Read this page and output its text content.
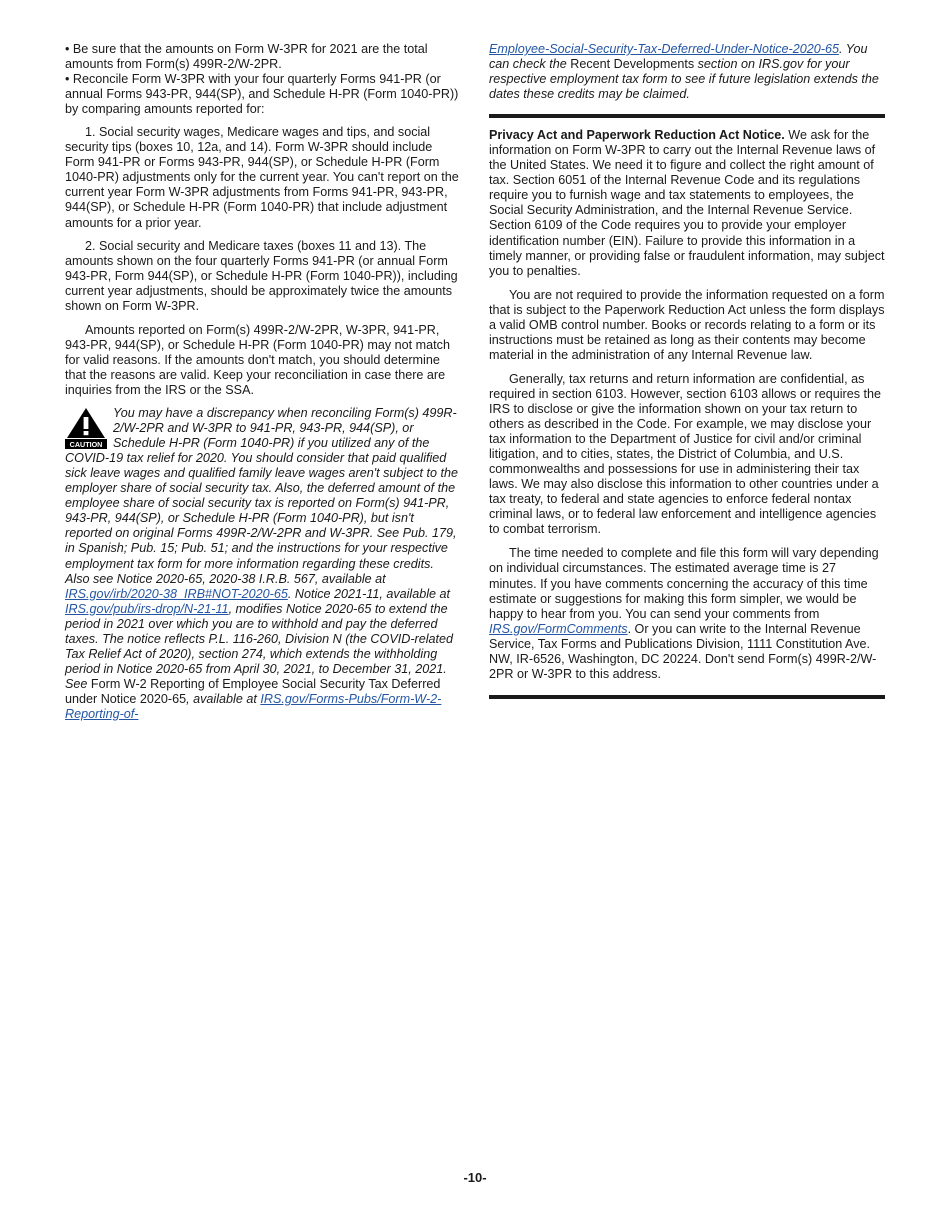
• Be sure that the amounts on Form W-3PR for 2021 are the total amounts from Form(s) 499R-2/W-2PR.

• Reconcile Form W-3PR with your four quarterly Forms 941-PR (or annual Forms 943-PR, 944(SP), and Schedule H-PR (Form 1040-PR)) by comparing amounts reported for:

1. Social security wages, Medicare wages and tips, and social security tips (boxes 10, 12a, and 14). Form W-3PR should include Form 941-PR or Forms 943-PR, 944(SP), or Schedule H-PR (Form 1040-PR) adjustments only for the current year. You can't report on the current year Form W-3PR adjustments from Forms 941-PR, 943-PR, 944(SP), or Schedule H-PR (Form 1040-PR) that include adjustment amounts for a prior year.

2. Social security and Medicare taxes (boxes 11 and 13). The amounts shown on the four quarterly Forms 941-PR (or annual Form 943-PR, Form 944(SP), or Schedule H-PR (Form 1040-PR)), including current year adjustments, should be approximately twice the amounts shown on Form W-3PR.

Amounts reported on Form(s) 499R-2/W-2PR, W-3PR, 941-PR, 943-PR, 944(SP), or Schedule H-PR (Form 1040-PR) may not match for valid reasons. If the amounts don't match, you should determine that the reasons are valid. Keep your reconciliation in case there are inquiries from the IRS or the SSA.

CAUTION

You may have a discrepancy when reconciling Form(s) 499R-2/W-2PR and W-3PR to 941-PR, 943-PR, 944(SP), or Schedule H-PR (Form 1040-PR) if you utilized any of the COVID-19 tax relief for 2020. You should consider that paid qualified sick leave wages and qualified family leave wages aren't subject to the employer share of social security tax. Also, the deferred amount of the employee share of social security tax is reported on Form(s) 941-PR, 943-PR, 944(SP), or Schedule H-PR (Form 1040-PR), but isn't reported on original Forms 499R-2/W-2PR and W-3PR. See Pub. 179, in Spanish; Pub. 15; Pub. 51; and the instructions for your respective employment tax form for more information regarding these credits. Also see Notice 2020-65, 2020-38 I.R.B. 567, available at IRS.gov/irb/2020-38_IRB#NOT-2020-65. Notice 2021-11, available at IRS.gov/pub/irs-drop/N-21-11, modifies Notice 2020-65 to extend the period in 2021 over which you are to withhold and pay the deferred taxes. The notice reflects P.L. 116-260, Division N (the COVID-related Tax Relief Act of 2020), section 274, which extends the withholding period in Notice 2020-65 from April 30, 2021, to December 31, 2021. See Form W-2 Reporting of Employee Social Security Tax Deferred under Notice 2020-65, available at IRS.gov/Forms-Pubs/Form-W-2-Reporting-of-

Employee-Social-Security-Tax-Deferred-Under-Notice-2020-65. You can check the Recent Developments section on IRS.gov for your respective employment tax form to see if future legislation extends the dates these credits may be claimed.

Privacy Act and Paperwork Reduction Act Notice. We ask for the information on Form W-3PR to carry out the Internal Revenue laws of the United States. We need it to figure and collect the right amount of tax. Section 6051 of the Internal Revenue Code and its regulations require you to furnish wage and tax statements to employees, the Social Security Administration, and the Internal Revenue Service. Section 6109 of the Code requires you to provide your employer identification number (EIN). Failure to provide this information in a timely manner, or providing false or fraudulent information, may subject you to penalties.

You are not required to provide the information requested on a form that is subject to the Paperwork Reduction Act unless the form displays a valid OMB control number. Books or records relating to a form or its instructions must be retained as long as their contents may become material in the administration of any Internal Revenue law.

Generally, tax returns and return information are confidential, as required in section 6103. However, section 6103 allows or requires the IRS to disclose or give the information shown on your tax return to others as described in the Code. For example, we may disclose your tax information to the Department of Justice for civil and/or criminal litigation, and to cities, states, the District of Columbia, and U.S. commonwealths and possessions for use in administering their tax laws. We may also disclose this information to other countries under a tax treaty, to federal and state agencies to enforce federal nontax criminal laws, or to federal law enforcement and intelligence agencies to combat terrorism.

The time needed to complete and file this form will vary depending on individual circumstances. The estimated average time is 27 minutes. If you have comments concerning the accuracy of this time estimate or suggestions for making this form simpler, we would be happy to hear from you. You can send your comments from IRS.gov/FormComments. Or you can write to the Internal Revenue Service, Tax Forms and Publications Division, 1111 Constitution Ave. NW, IR-6526, Washington, DC 20224. Don't send Form(s) 499R-2/W-2PR or W-3PR to this address.

-10-
